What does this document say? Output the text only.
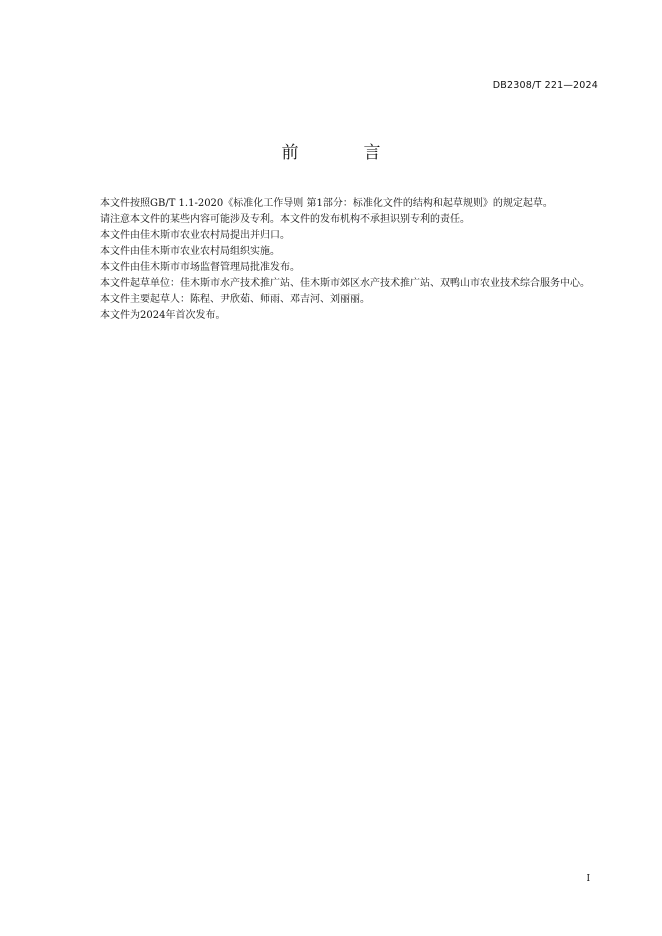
DB2308/T 221—2024
前　言

本文件按照GB/T 1.1-2020《标准化工作导则 第1部分：标准化文件的结构和起草规则》的规定起草。

请注意本文件的某些内容可能涉及专利。本文件的发布机构不承担识别专利的责任。

本文件由佳木斯市农业农村局提出并归口。

本文件由佳木斯市农业农村局组织实施。

本文件由佳木斯市市场监督管理局批准发布。

本文件起草单位：佳木斯市水产技术推广站、佳木斯市郊区水产技术推广站、双鸭山市农业技术综合服务中心。

本文件主要起草人：陈程、尹欣茹、师雨、邓吉河、刘丽丽。

本文件为2024年首次发布。

I
